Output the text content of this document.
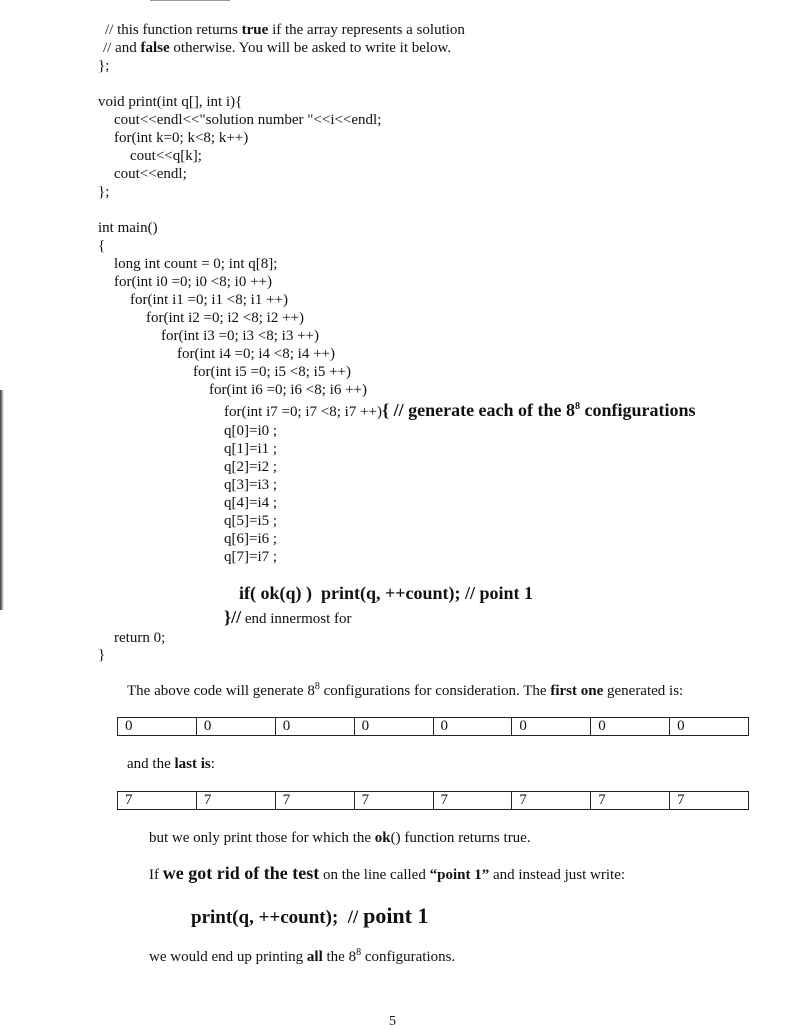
// this function returns true if the array represents a solution
// and false otherwise. You will be asked to write it below.
};
void print(int q[], int i){
cout<<endl<<"solution number "<<i<<endl;
for(int k=0; k<8; k++)
cout<<q[k];
cout<<endl;
};
int main()
{
long int count = 0; int q[8];
for(int i0 =0; i0 <8; i0 ++)
for(int i1 =0; i1 <8; i1 ++)
for(int i2 =0; i2 <8; i2 ++)
for(int i3 =0; i3 <8; i3 ++)
for(int i4 =0; i4 <8; i4 ++)
for(int i5 =0; i5 <8; i5 ++)
for(int i6 =0; i6 <8; i6 ++)
for(int i7 =0; i7 <8; i7 ++){ // generate each of the $8^8$ configurations
q[0]=i0 ;
q[1]=i1 ;
q[2]=i2 ;
q[3]=i3 ;
q[4]=i4 ;
q[5]=i5 ;
q[6]=i6 ;
q[7]=i7 ;
if( ok(q) )  print(q, ++count); // point 1
}// end innermost for
return 0;
}
The above code will generate $8^8$ configurations for consideration. The first one generated is:
0	0	0	0	0	0	0	0
and the last is:
7	7	7	7	7	7	7	7
but we only print those for which the ok() function returns true.
If we got rid of the test on the line called “point 1” and instead just write:
print(q, ++count);  // point 1
we would end up printing all the $8^8$ configurations.
5
